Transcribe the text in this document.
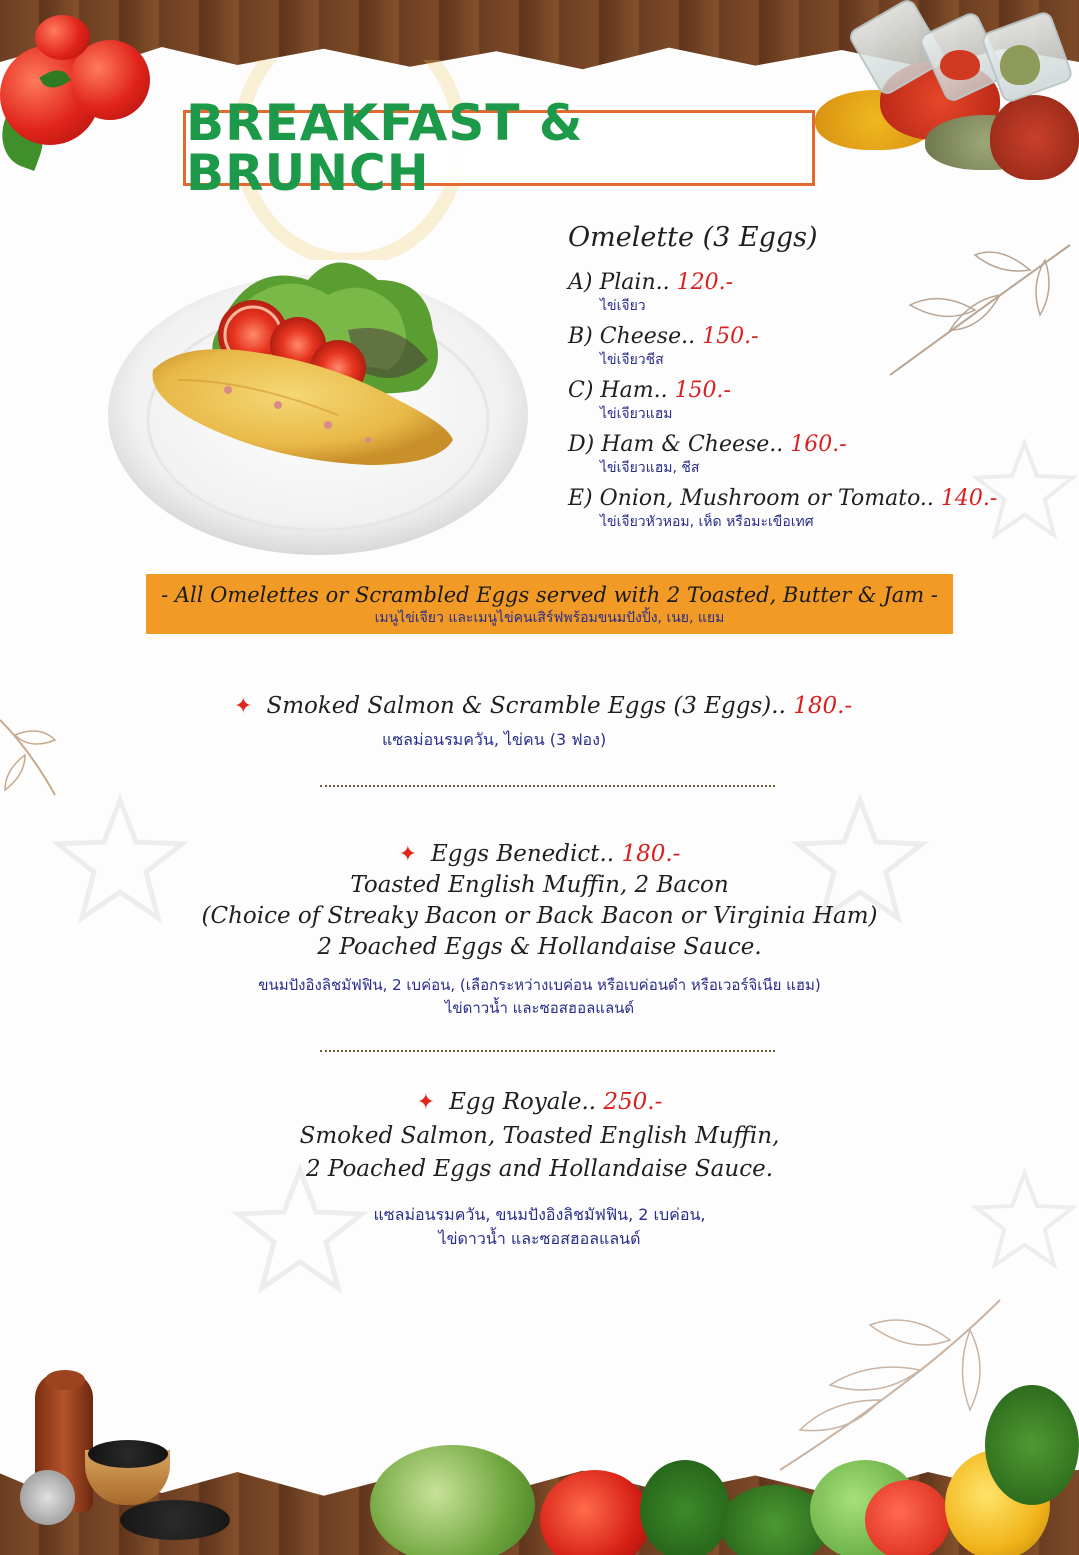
BREAKFAST & BRUNCH
Omelette (3 Eggs)
A) Plain.. 120.-
ไข่เจียว
B) Cheese.. 150.-
ไข่เจียวชีส
C) Ham.. 150.-
ไข่เจียวแฮม
D) Ham & Cheese.. 160.-
ไข่เจียวแฮม, ชีส
E) Onion, Mushroom or Tomato.. 140.-
ไข่เจียวหัวหอม, เห็ด หรือมะเขือเทศ
- All Omelettes or Scrambled Eggs served with 2 Toasted, Butter & Jam -
เมนูไข่เจียว และเมนูไข่คนเสิร์ฟพร้อมขนมปังปิ้ง, เนย, แยม
✦ Smoked Salmon & Scramble Eggs (3 Eggs).. 180.-
แซลม่อนรมควัน, ไข่คน (3 ฟอง)
✦ Eggs Benedict.. 180.-
Toasted English Muffin, 2 Bacon
(Choice of Streaky Bacon or Back Bacon or Virginia Ham)
2 Poached Eggs & Hollandaise Sauce.
ขนมปังอิงลิชมัฟฟิน, 2 เบค่อน, (เลือกระหว่างเบค่อน หรือเบค่อนดำ หรือเวอร์จิเนีย แฮม)
ไข่ดาวน้ำ และซอสฮอลแลนด์
✦ Egg Royale.. 250.-
Smoked Salmon, Toasted English Muffin,
2 Poached Eggs and Hollandaise Sauce.
แซลม่อนรมควัน, ขนมปังอิงลิชมัฟฟิน, 2 เบค่อน,
ไข่ดาวน้ำ และซอสฮอลแลนด์
